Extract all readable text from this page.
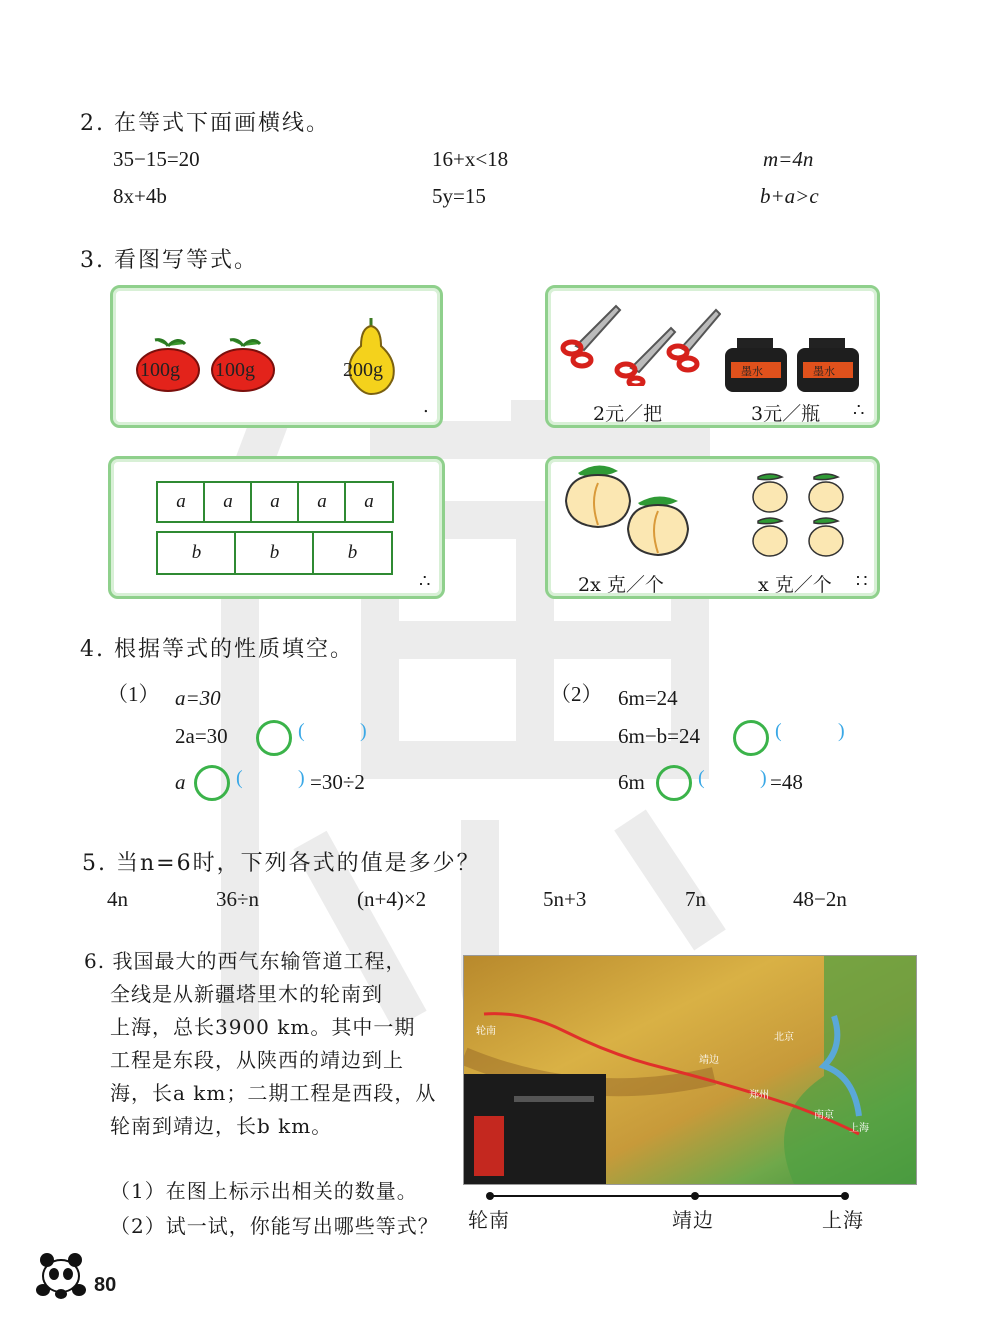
2. 在等式下面画横线。
35−15=20	16+x<18	m=4n
8x+4b	5y=15	b+a>c
3. 看图写等式。
100g 100g	200g
.
墨水	墨水
2元／把	3元／瓶 ∴
a	a	a	a	a
b	b	b
∴	2x 克／个	x 克／个 ∷
4. 根据等式的性质填空。
（1） a=30
2a=30	(	)
a	(	) =30÷2
（2） 6m=24
6m−b=24	(	)
6m	(	) =48
5. 当n=6时，下列各式的值是多少？
4n	36÷n	(n+4)×2	5n+3	7n	48−2n
6. 我国最大的西气东输管道工程，
全线是从新疆塔里木的轮南到
上海，总长3900 km。其中一期
工程是东段，从陕西的靖边到上
海，长a km；二期工程是西段，从
轮南到靖边，长b km。
（1）在图上标示出相关的数量。
（2）试一试，你能写出哪些等式？
轮南
靖边
上海
北京
南京
郑州
轮南	靖边	上海
80
